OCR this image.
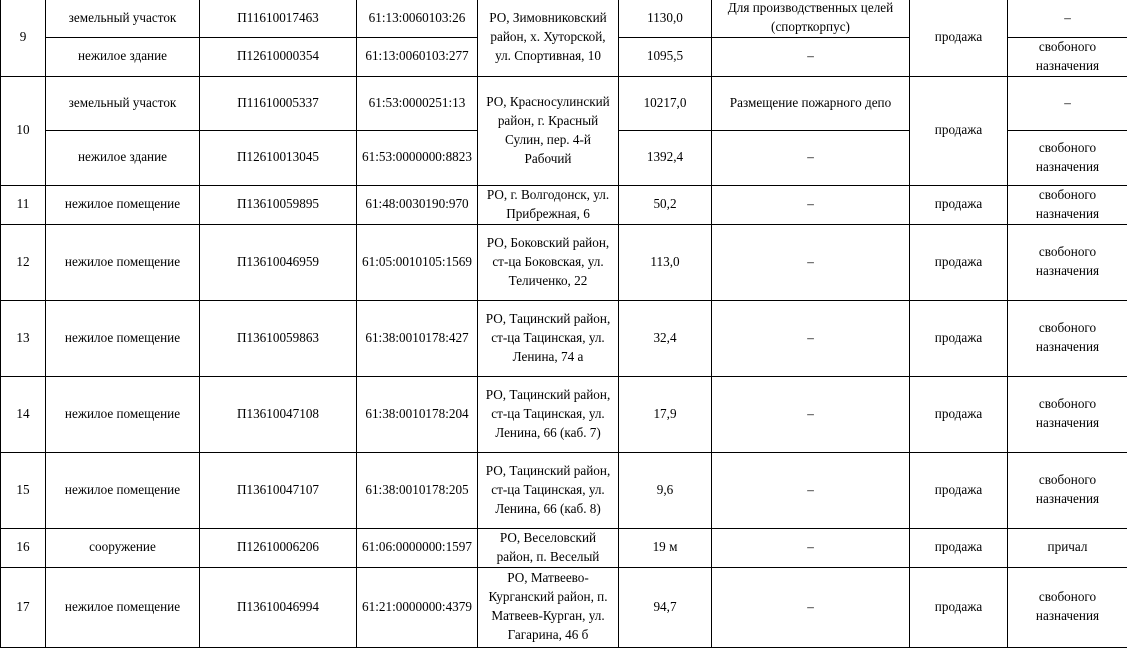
9	земельный участок	П11610017463	61:13:0060103:26	РО, Зимовниковский район, х. Хуторской, ул. Спортивная, 10	1130,0	Для производственных целей (спорткорпус)	продажа	–
	нежилое здание	П12610000354	61:13:0060103:277		1095,5	–		свобоного назначения
10	земельный участок	П11610005337	61:53:0000251:13	РО, Красносулинский район, г. Красный Сулин, пер. 4-й Рабочий	10217,0	Размещение пожарного депо	продажа	–
	нежилое здание	П12610013045	61:53:0000000:8823		1392,4	–		свобоного назначения
11	нежилое помещение	П13610059895	61:48:0030190:970	РО, г. Волгодонск, ул. Прибрежная, 6	50,2	–	продажа	свобоного назначения
12	нежилое помещение	П13610046959	61:05:0010105:1569	РО, Боковский район, ст-ца Боковская, ул. Теличенко, 22	113,0	–	продажа	свобоного назначения
13	нежилое помещение	П13610059863	61:38:0010178:427	РО, Тацинский район, ст-ца Тацинская, ул. Ленина, 74 а	32,4	–	продажа	свобоного назначения
14	нежилое помещение	П13610047108	61:38:0010178:204	РО, Тацинский район, ст-ца Тацинская, ул. Ленина, 66 (каб. 7)	17,9	–	продажа	свобоного назначения
15	нежилое помещение	П13610047107	61:38:0010178:205	РО, Тацинский район, ст-ца Тацинская, ул. Ленина, 66 (каб. 8)	9,6	–	продажа	свобоного назначения
16	сооружение	П12610006206	61:06:0000000:1597	РО, Веселовский район, п. Веселый	19 м	–	продажа	причал
17	нежилое помещение	П13610046994	61:21:0000000:4379	РО, Матвеево-Курганский район, п. Матвеев-Курган, ул. Гагарина, 46 б	94,7	–	продажа	свобоного назначения
